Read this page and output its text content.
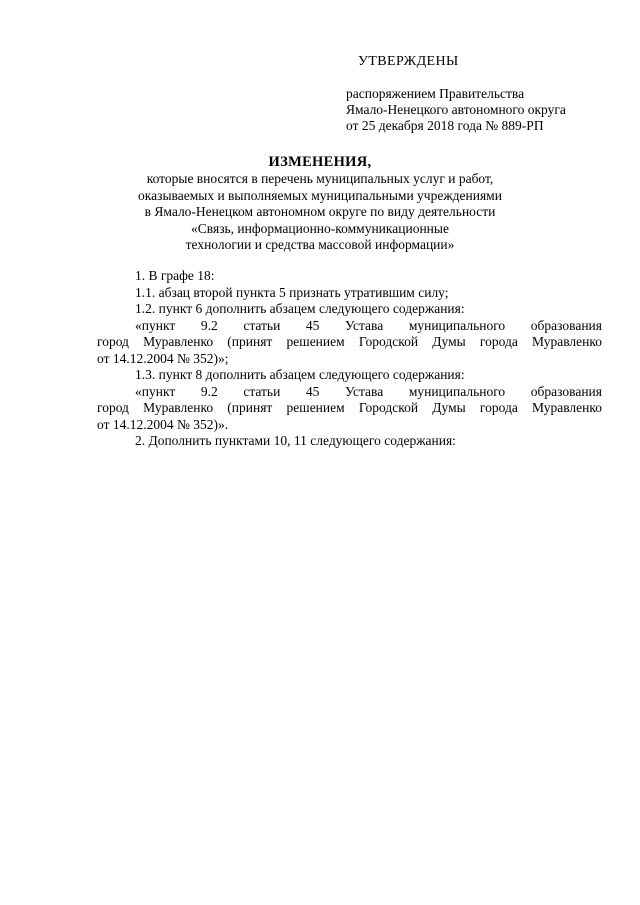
УТВЕРЖДЕНЫ

распоряжением Правительства

Ямало-Ненецкого автономного округа

от 25 декабря 2018 года № 889-РП

ИЗМЕНЕНИЯ,

которые вносятся в перечень муниципальных услуг и работ,

оказываемых и выполняемых муниципальными учреждениями

в Ямало-Ненецком автономном округе по виду деятельности

«Связь, информационно-коммуникационные

технологии и средства массовой информации»

1. В графе 18:

1.1. абзац второй пункта 5 признать утратившим силу;

1.2. пункт 6 дополнить абзацем следующего содержания:

«пункт 9.2 статьи 45 Устава муниципального образования

город Муравленко (принят решением Городской Думы города Муравленко

от 14.12.2004 № 352)»;

1.3. пункт 8 дополнить абзацем следующего содержания:

«пункт 9.2 статьи 45 Устава муниципального образования

город Муравленко (принят решением Городской Думы города Муравленко

от 14.12.2004 № 352)».

2. Дополнить пунктами 10, 11 следующего содержания:
